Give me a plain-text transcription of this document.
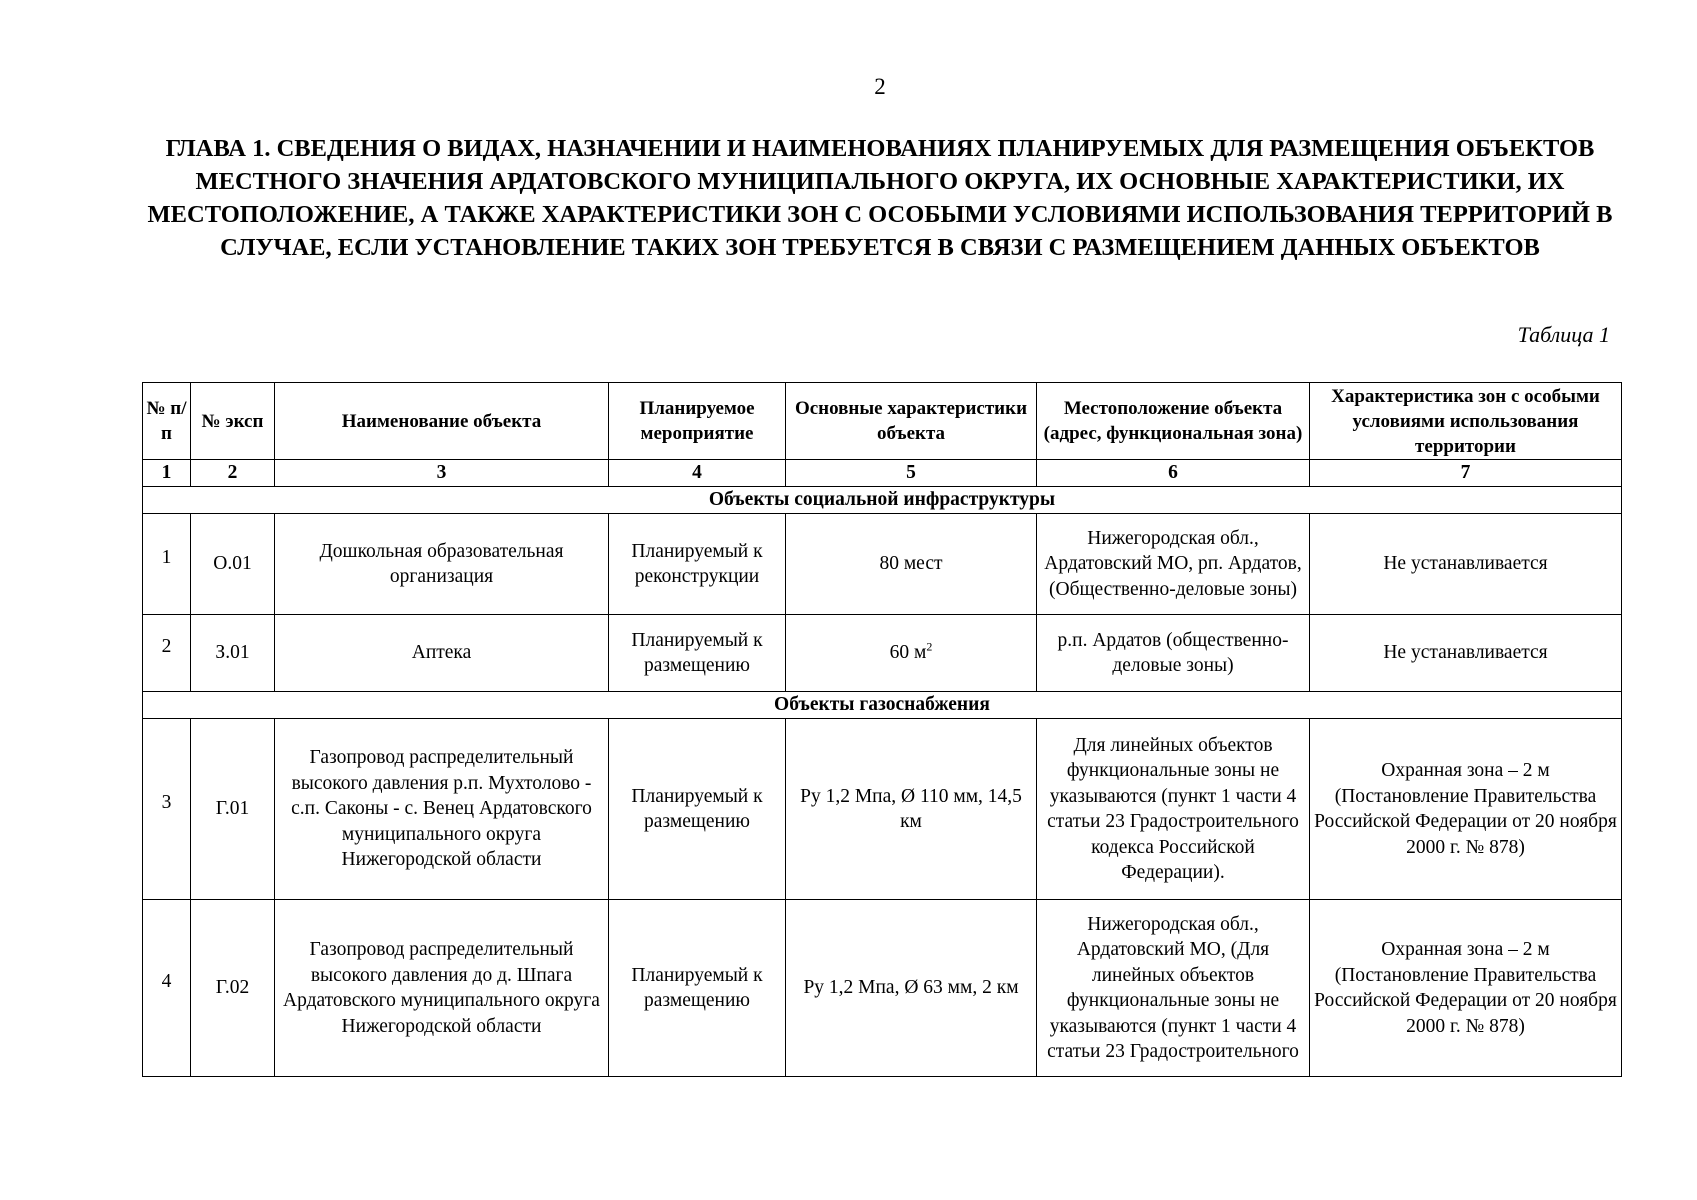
2
ГЛАВА 1. СВЕДЕНИЯ О ВИДАХ, НАЗНАЧЕНИИ И НАИМЕНОВАНИЯХ ПЛАНИРУЕМЫХ ДЛЯ РАЗМЕЩЕНИЯ ОБЪЕКТОВ МЕСТНОГО ЗНАЧЕНИЯ АРДАТОВСКОГО МУНИЦИПАЛЬНОГО ОКРУГА, ИХ ОСНОВНЫЕ ХАРАКТЕРИСТИКИ, ИХ МЕСТОПОЛОЖЕНИЕ, А ТАКЖЕ ХАРАКТЕРИСТИКИ ЗОН С ОСОБЫМИ УСЛОВИЯМИ ИСПОЛЬЗОВАНИЯ ТЕРРИТОРИЙ В СЛУЧАЕ, ЕСЛИ УСТАНОВЛЕНИЕ ТАКИХ ЗОН ТРЕБУЕТСЯ В СВЯЗИ С РАЗМЕЩЕНИЕМ ДАННЫХ ОБЪЕКТОВ
Таблица 1
№ п/п	№ эксп	Наименование объекта	Планируемое мероприятие	Основные характеристики объекта	Местоположение объекта (адрес, функциональная зона)	Характеристика зон с особыми условиями использования территории
1	2	3	4	5	6	7
Объекты социальной инфраструктуры						
1	О.01	Дошкольная образовательная организация	Планируемый к реконструкции	80 мест	Нижегородская обл., Ардатовский МО, рп. Ардатов, (Общественно-деловые зоны)	Не устанавливается
2	З.01	Аптека	Планируемый к размещению	60 $м^2$	р.п. Ардатов (общественно-деловые зоны)	Не устанавливается
Объекты газоснабжения						
3	Г.01	Газопровод распределительный высокого давления р.п. Мухтолово - с.п. Саконы - с. Венец Ардатовского муниципального округа Нижегородской области	Планируемый к размещению	Ру 1,2 Мпа, Ø 110 мм, 14,5 км	Для линейных объектов функциональные зоны не указываются (пункт 1 части 4 статьи 23 Градостроительного кодекса Российской Федерации).	Охранная зона – 2 м (Постановление Правительства Российской Федерации от 20 ноября 2000 г. № 878)
4	Г.02	Газопровод распределительный высокого давления до д. Шпага Ардатовского муниципального округа Нижегородской области	Планируемый к размещению	Ру 1,2 Мпа, Ø 63 мм, 2 км	Нижегородская обл., Ардатовский МО, (Для линейных объектов функциональные зоны не указываются (пункт 1 части 4 статьи 23 Градостроительного	Охранная зона – 2 м (Постановление Правительства Российской Федерации от 20 ноября 2000 г. № 878)
